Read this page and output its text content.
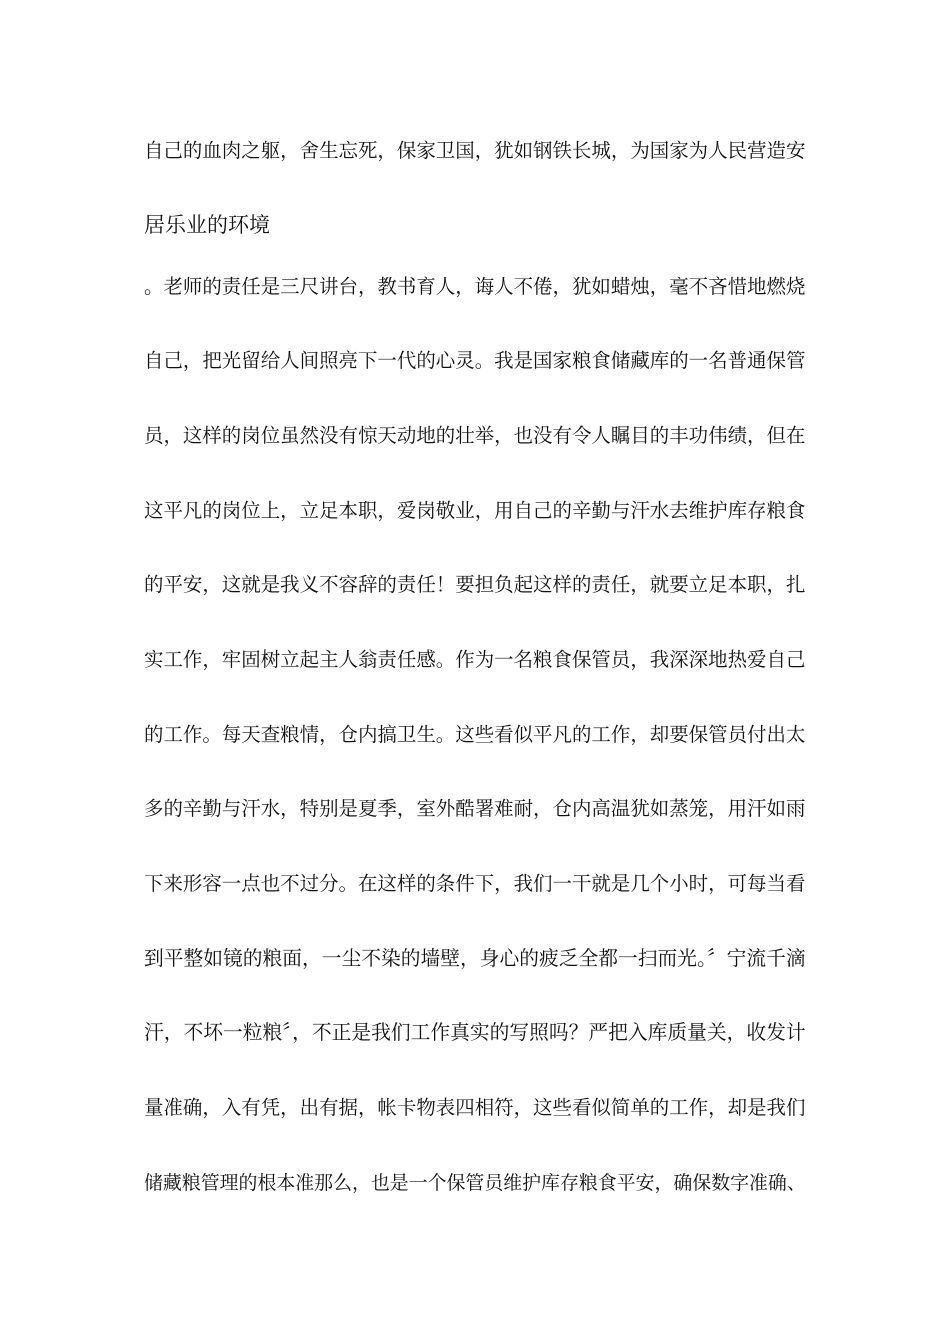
自己的血肉之躯，舍生忘死，保家卫国，犹如钢铁长城，为国家为人民营造安
居乐业的环境
。老师的责任是三尺讲台，教书育人，诲人不倦，犹如蜡烛，毫不吝惜地燃烧
自己，把光留给人间照亮下一代的心灵。我是国家粮食储藏库的一名普通保管
员，这样的岗位虽然没有惊天动地的壮举，也没有令人瞩目的丰功伟绩，但在
这平凡的岗位上，立足本职，爱岗敬业，用自己的辛勤与汗水去维护库存粮食
的平安，这就是我义不容辞的责任！要担负起这样的责任，就要立足本职，扎
实工作，牢固树立起主人翁责任感。作为一名粮食保管员，我深深地热爱自己
的工作。每天查粮情，仓内搞卫生。这些看似平凡的工作，却要保管员付出太
多的辛勤与汗水，特别是夏季，室外酷署难耐，仓内高温犹如蒸笼，用汗如雨
下来形容一点也不过分。在这样的条件下，我们一干就是几个小时，可每当看
到平整如镜的粮面，一尘不染的墙壁，身心的疲乏全都一扫而光。〞宁流千滴
汗，不坏一粒粮〞，不正是我们工作真实的写照吗？严把入库质量关，收发计
量准确，入有凭，出有据，帐卡物表四相符，这些看似简单的工作，却是我们
储藏粮管理的根本准那么，也是一个保管员维护库存粮食平安，确保数字准确、
